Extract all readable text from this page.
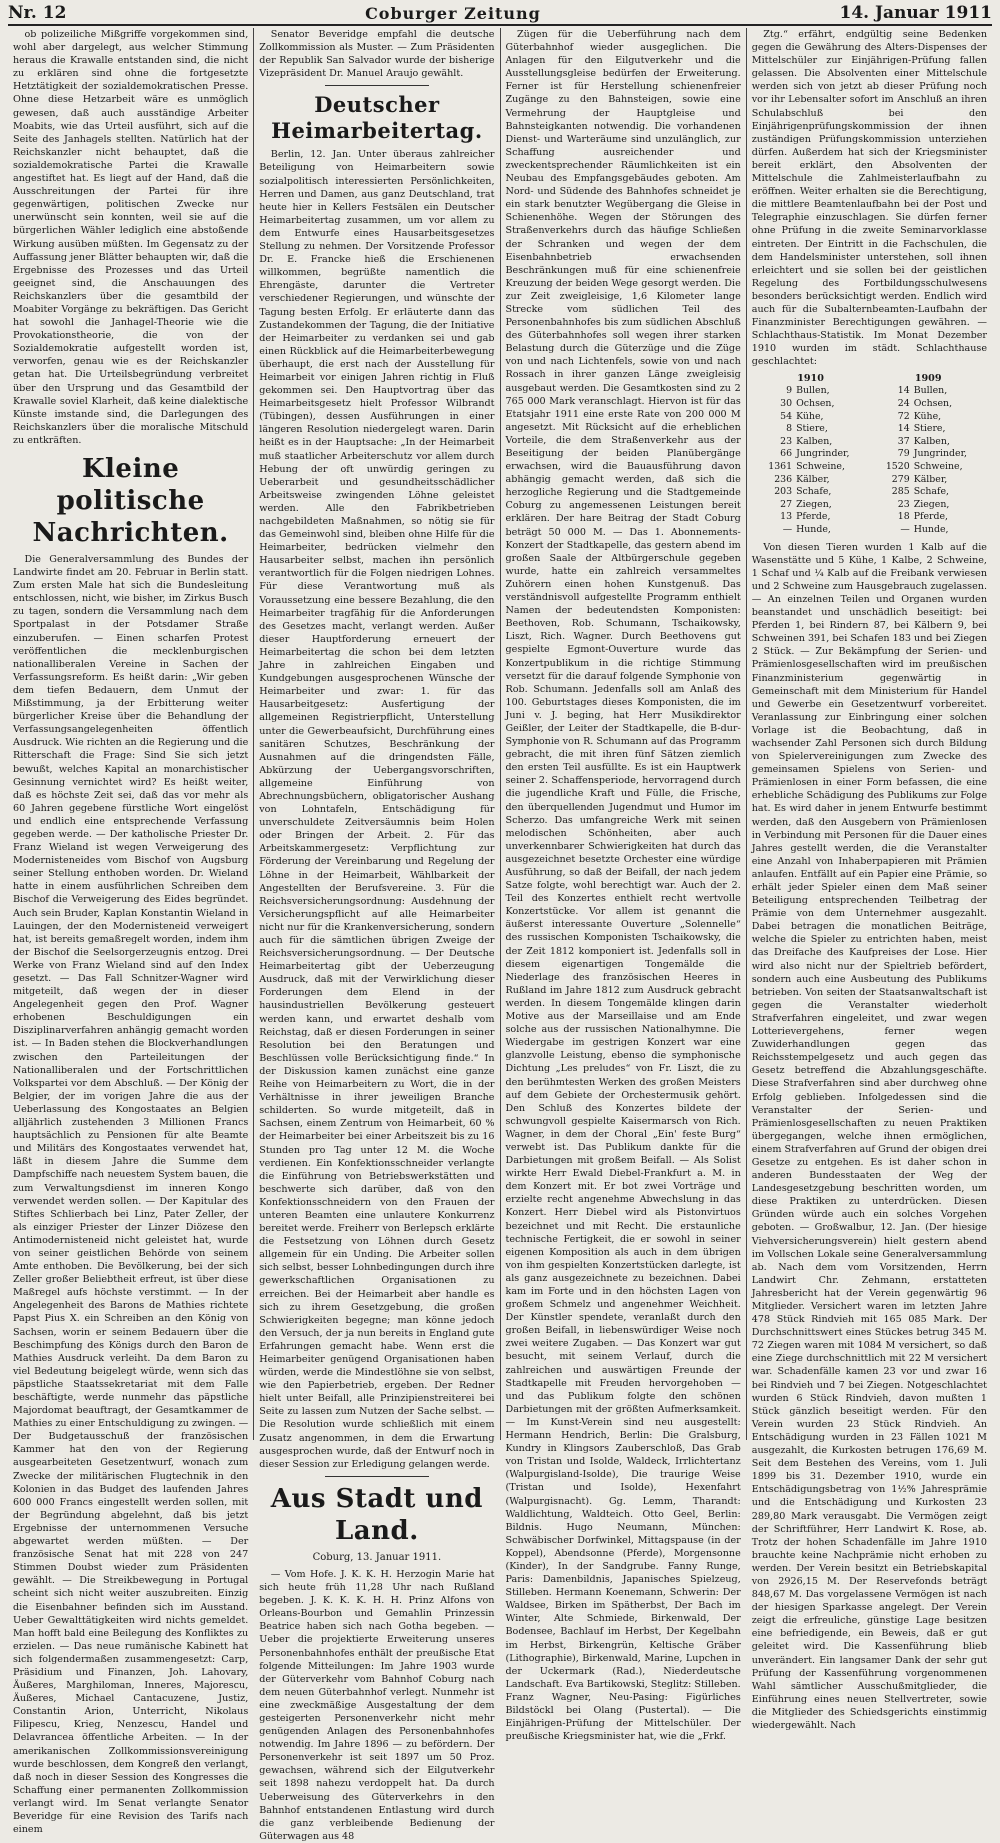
Nr. 12	Coburger Zeitung	14. Januar 1911

ob polizeiliche Mißgriffe vorgekommen sind, wohl aber dargelegt, aus welcher Stimmung heraus die Krawalle entstanden sind, die nicht zu erklären sind ohne die fortgesetzte Hetztätigkeit der sozialdemokratischen Presse. Ohne diese Hetzarbeit wäre es unmöglich gewesen, daß auch ausständige Arbeiter Moabits, wie das Urteil ausführt, sich auf die Seite des Janhagels stellten. Natürlich hat der Reichskanzler nicht behauptet, daß die sozialdemokratische Partei die Krawalle angestiftet hat. Es liegt auf der Hand, daß die Ausschreitungen der Partei für ihre gegenwärtigen, politischen Zwecke nur unerwünscht sein konnten, weil sie auf die bürgerlichen Wähler lediglich eine abstoßende Wirkung ausüben müßten. Im Gegensatz zu der Auffassung jener Blätter behaupten wir, daß die Ergebnisse des Prozesses und das Urteil geeignet sind, die Anschauungen des Reichskanzlers über die gesamtbild der Moabiter Vorgänge zu bekräftigen. Das Gericht hat sowohl die Janhagel-Theorie wie die Provokationstheorie, die von der Sozialdemokratie aufgestellt worden ist, verworfen, genau wie es der Reichskanzler getan hat. Die Urteilsbegründung verbreitet über den Ursprung und das Gesamtbild der Krawalle soviel Klarheit, daß keine dialektische Künste imstande sind, die Darlegungen des Reichskanzlers über die moralische Mitschuld zu entkräften.

Kleine politische Nachrichten.

Die Generalversammlung des Bundes der Landwirte findet am 20. Februar in Berlin statt. Zum ersten Male hat sich die Bundesleitung entschlossen, nicht, wie bisher, im Zirkus Busch zu tagen, sondern die Versammlung nach dem Sportpalast in der Potsdamer Straße einzuberufen. — Einen scharfen Protest veröffentlichen die mecklenburgischen nationalliberalen Vereine in Sachen der Verfassungsreform. Es heißt darin: „Wir geben dem tiefen Bedauern, dem Unmut der Mißstimmung, ja der Erbitterung weiter bürgerlicher Kreise über die Behandlung der Verfassungsangelegenheiten öffentlich Ausdruck. Wie richten an die Regierung und die Ritterschaft die Frage: Sind Sie sich jetzt bewußt, welches Kapital an monarchistischer Gesinnung vernichtet wird? Es heißt weiter, daß es höchste Zeit sei, daß das vor mehr als 60 Jahren gegebene fürstliche Wort eingelöst und endlich eine entsprechende Verfassung gegeben werde. — Der katholische Priester Dr. Franz Wieland ist wegen Verweigerung des Modernisteneides vom Bischof von Augsburg seiner Stellung enthoben worden. Dr. Wieland hatte in einem ausführlichen Schreiben dem Bischof die Verweigerung des Eides begründet. Auch sein Bruder, Kaplan Konstantin Wieland in Lauingen, der den Modernisteneid verweigert hat, ist bereits gemaßregelt worden, indem ihm der Bischof die Seelsorgerzeugnis entzog. Drei Werke von Franz Wieland sind auf den Index gesetzt. — Das Fall Schnitzer-Wagner wird mitgeteilt, daß wegen der in dieser Angelegenheit gegen den Prof. Wagner erhobenen Beschuldigungen ein Disziplinarverfahren anhängig gemacht worden ist. — In Baden stehen die Blockverhandlungen zwischen den Parteileitungen der Nationalliberalen und der Fortschrittlichen Volkspartei vor dem Abschluß. — Der König der Belgier, der im vorigen Jahre die aus der Ueberlassung des Kongostaates an Belgien alljährlich zustehenden 3 Millionen Francs hauptsächlich zu Pensionen für alte Beamte und Militärs des Kongostaates verwendet hat, läßt in diesem Jahre die Summe dem Dampfschiffe nach neuestem System bauen, die zum Verwaltungsdienst im inneren Kongo verwendet werden sollen. — Der Kapitular des Stiftes Schlierbach bei Linz, Pater Zeller, der als einziger Priester der Linzer Diözese den Antimodernisteneid nicht geleistet hat, wurde von seiner geistlichen Behörde von seinem Amte enthoben. Die Bevölkerung, bei der sich Zeller großer Beliebtheit erfreut, ist über diese Maßregel aufs höchste verstimmt. — In der Angelegenheit des Barons de Mathies richtete Papst Pius X. ein Schreiben an den König von Sachsen, worin er seinem Bedauern über die Beschimpfung des Königs durch den Baron de Mathies Ausdruck verleiht. Da dem Baron zu viel Bedeutung beigelegt würde, wenn sich das päpstliche Staatssekretariat mit dem Falle beschäftigte, werde nunmehr das päpstliche Majordomat beauftragt, der Gesamtkammer de Mathies zu einer Entschuldigung zu zwingen. — Der Budgetausschuß der französischen Kammer hat den von der Regierung ausgearbeiteten Gesetzentwurf, wonach zum Zwecke der militärischen Flugtechnik in den Kolonien in das Budget des laufenden Jahres 600 000 Francs eingestellt werden sollen, mit der Begründung abgelehnt, daß bis jetzt Ergebnisse der unternommenen Versuche abgewartet werden müßten. — Der französische Senat hat mit 228 von 247 Stimmen Doubst wieder zum Präsidenten gewählt. — Die Streikbewegung in Portugal scheint sich nicht weiter auszubreiten. Einzig die Eisenbahner befinden sich im Ausstand. Ueber Gewalttätigkeiten wird nichts gemeldet. Man hofft bald eine Beilegung des Konfliktes zu erzielen. — Das neue rumänische Kabinett hat sich folgendermaßen zusammengesetzt: Carp, Präsidium und Finanzen, Joh. Lahovary, Äußeres, Marghiloman, Inneres, Majorescu, Äußeres, Michael Cantacuzene, Justiz, Constantin Arion, Unterricht, Nikolaus Filipescu, Krieg, Nenzescu, Handel und Delavrancea öffentliche Arbeiten. — In der amerikanischen Zollkommissionsvereinigung wurde beschlossen, dem Kongreß den verlangt, daß noch in dieser Session des Kongresses die Schaffung einer permanenten Zollkommission verlangt wird. Im Senat verlangte Senator Beveridge für eine Revision des Tarifs nach einem

Senator Beveridge empfahl die deutsche Zollkommission als Muster. — Zum Präsidenten der Republik San Salvador wurde der bisherige Vizepräsident Dr. Manuel Araujo gewählt.

Deutscher Heimarbeitertag.

Berlin, 12. Jan. Unter überaus zahlreicher Beteiligung von Heimarbeitern sowie sozialpolitisch interessierten Persönlichkeiten, Herren und Damen, aus ganz Deutschland, trat heute hier in Kellers Festsälen ein Deutscher Heimarbeitertag zusammen, um vor allem zu dem Entwurfe eines Hausarbeitsgesetzes Stellung zu nehmen. Der Vorsitzende Professor Dr. E. Francke hieß die Erschienenen willkommen, begrüßte namentlich die Ehrengäste, darunter die Vertreter verschiedener Regierungen, und wünschte der Tagung besten Erfolg. Er erläuterte dann das Zustandekommen der Tagung, die der Initiative der Heimarbeiter zu verdanken sei und gab einen Rückblick auf die Heimarbeiterbewegung überhaupt, die erst nach der Ausstellung für Heimarbeit vor einigen Jahren richtig in Fluß gekommen sei. Den Hauptvortrag über das Heimarbeitsgesetz hielt Professor Wilbrandt (Tübingen), dessen Ausführungen in einer längeren Resolution niedergelegt waren. Darin heißt es in der Hauptsache: „In der Heimarbeit muß staatlicher Arbeiterschutz vor allem durch Hebung der oft unwürdig geringen zu Ueberarbeit und gesundheitsschädlicher Arbeitsweise zwingenden Löhne geleistet werden. Alle den Fabrikbetrieben nachgebildeten Maßnahmen, so nötig sie für das Gemeinwohl sind, bleiben ohne Hilfe für die Heimarbeiter, bedrücken vielmehr den Hausarbeiter selbst, machen ihn persönlich verantwortlich für die Folgen niedrigen Lohnes. Für diese Verantwortung muß als Voraussetzung eine bessere Bezahlung, die den Heimarbeiter tragfähig für die Anforderungen des Gesetzes macht, verlangt werden. Außer dieser Hauptforderung erneuert der Heimarbeitertag die schon bei dem letzten Jahre in zahlreichen Eingaben und Kundgebungen ausgesprochenen Wünsche der Heimarbeiter und zwar: 1. für das Hausarbeitgesetz: Ausfertigung der allgemeinen Registrierpflicht, Unterstellung unter die Gewerbeaufsicht, Durchführung eines sanitären Schutzes, Beschränkung der Ausnahmen auf die dringendsten Fälle, Abkürzung der Uebergangsvorschriften, allgemeine Einführung von Abrechnungsbüchern, obligatorischer Aushang von Lohntafeln, Entschädigung für unverschuldete Zeitversäumnis beim Holen oder Bringen der Arbeit. 2. Für das Arbeitskammergesetz: Verpflichtung zur Förderung der Vereinbarung und Regelung der Löhne in der Heimarbeit, Wählbarkeit der Angestellten der Berufsvereine. 3. Für die Reichsversicherungsordnung: Ausdehnung der Versicherungspflicht auf alle Heimarbeiter nicht nur für die Krankenversicherung, sondern auch für die sämtlichen übrigen Zweige der Reichsversicherungsordnung. — Der Deutsche Heimarbeitertag gibt der Ueberzeugung Ausdruck, daß mit der Verwirklichung dieser Forderungen dem Elend in der hausindustriellen Bevölkerung gesteuert werden kann, und erwartet deshalb vom Reichstag, daß er diesen Forderungen in seiner Resolution bei den Beratungen und Beschlüssen volle Berücksichtigung finde.“ In der Diskussion kamen zunächst eine ganze Reihe von Heimarbeitern zu Wort, die in der Verhältnisse in ihrer jeweiligen Branche schilderten. So wurde mitgeteilt, daß in Sachsen, einem Zentrum von Heimarbeit, 60 % der Heimarbeiter bei einer Arbeitszeit bis zu 16 Stunden pro Tag unter 12 M. die Woche verdienen. Ein Konfektionsschneider verlangte die Einführung von Betriebswerkstätten und beschwerte sich darüber, daß von den Konfektionsschneidern von den Frauen der unteren Beamten eine unlautere Konkurrenz bereitet werde. Freiherr von Berlepsch erklärte die Festsetzung von Löhnen durch Gesetz allgemein für ein Unding. Die Arbeiter sollen sich selbst, besser Lohnbedingungen durch ihre gewerkschaftlichen Organisationen zu erreichen. Bei der Heimarbeit aber handle es sich zu ihrem Gesetzgebung, die großen Schwierigkeiten begegne; man könne jedoch den Versuch, der ja nun bereits in England gute Erfahrungen gemacht habe. Wenn erst die Heimarbeiter genügend Organisationen haben würden, werde die Mindestlöhne sie von selbst, wie den Papierbetrieb, ergeben. Der Redner hielt unter Beifall, alle Prinzipienstreiterei bei Seite zu lassen zum Nutzen der Sache selbst. — Die Resolution wurde schließlich mit einem Zusatz angenommen, in dem die Erwartung ausgesprochen wurde, daß der Entwurf noch in dieser Session zur Erledigung gelangen werde.

Aus Stadt und Land.
Coburg, 13. Januar 1911.

— Vom Hofe. J. K. K. H. Herzogin Marie hat sich heute früh 11,28 Uhr nach Rußland begeben. J. K. K. K. H. H. Prinz Alfons von Orleans-Bourbon und Gemahlin Prinzessin Beatrice haben sich nach Gotha begeben. — Ueber die projektierte Erweiterung unseres Personenbahnhofes enthält der preußische Etat folgende Mitteilungen: Im Jahre 1903 wurde der Güterverkehr vom Bahnhof Coburg nach dem neuen Güterbahnhof verlegt. Nunmehr ist eine zweckmäßige Ausgestaltung der dem gesteigerten Personenverkehr nicht mehr genügenden Anlagen des Personenbahnhofes notwendig. Im Jahre 1896 — zu befördern. Der Personenverkehr ist seit 1897 um 50 Proz. gewachsen, während sich der Eilgutverkehr seit 1898 nahezu verdoppelt hat. Da durch Ueberweisung des Güterverkehrs in den Bahnhof entstandenen Entlastung wird durch die ganz verbleibende Bedienung der Güterwagen aus 48

Zügen für die Ueberführung nach dem Güterbahnhof wieder ausgeglichen. Die Anlagen für den Eilgutverkehr und die Ausstellungsgleise bedürfen der Erweiterung. Ferner ist für Herstellung schienenfreier Zugänge zu den Bahnsteigen, sowie eine Vermehrung der Hauptgleise und Bahnsteigkanten notwendig. Die vorhandenen Dienst- und Warteräume sind unzulänglich, zur Schaffung ausreichender und zweckentsprechender Räumlichkeiten ist ein Neubau des Empfangsgebäudes geboten. Am Nord- und Südende des Bahnhofes schneidet je ein stark benutzter Wegübergang die Gleise in Schienenhöhe. Wegen der Störungen des Straßenverkehrs durch das häufige Schließen der Schranken und wegen der dem Eisenbahnbetrieb erwachsenden Beschränkungen muß für eine schienenfreie Kreuzung der beiden Wege gesorgt werden. Die zur Zeit zweigleisige, 1,6 Kilometer lange Strecke vom südlichen Teil des Personenbahnhofes bis zum südlichen Abschluß des Güterbahnhofes soll wegen ihrer starken Belastung durch die Güterzüge und die Züge von und nach Lichtenfels, sowie von und nach Rossach in ihrer ganzen Länge zweigleisig ausgebaut werden. Die Gesamtkosten sind zu 2 765 000 Mark veranschlagt. Hiervon ist für das Etatsjahr 1911 eine erste Rate von 200 000 M angesetzt. Mit Rücksicht auf die erheblichen Vorteile, die dem Straßenverkehr aus der Beseitigung der beiden Planübergänge erwachsen, wird die Bauausführung davon abhängig gemacht werden, daß sich die herzogliche Regierung und die Stadtgemeinde Coburg zu angemessenen Leistungen bereit erklären. Der hare Beitrag der Stadt Coburg beträgt 50 000 M. — Das 1. Abonnements-Konzert der Stadtkapelle, das gestern abend im großen Saale der Altbürgerschule gegeben wurde, hatte ein zahlreich versammeltes Zuhörern einen hohen Kunstgenuß. Das verständnisvoll aufgestellte Programm enthielt Namen der bedeutendsten Komponisten: Beethoven, Rob. Schumann, Tschaikowsky, Liszt, Rich. Wagner. Durch Beethovens gut gespielte Egmont-Ouverture wurde das Konzertpublikum in die richtige Stimmung versetzt für die darauf folgende Symphonie von Rob. Schumann. Jedenfalls soll am Anlaß des 100. Geburtstages dieses Komponisten, die im Juni v. J. beging, hat Herr Musikdirektor Geißler, der Leiter der Stadtkapelle, die B-dur-Symphonie von R. Schumann auf das Programm gebracht, die mit ihren fünf Sätzen ziemlich den ersten Teil ausfüllte. Es ist ein Hauptwerk seiner 2. Schaffensperiode, hervorragend durch die jugendliche Kraft und Fülle, die Frische, den überquellenden Jugendmut und Humor im Scherzo. Das umfangreiche Werk mit seinen melodischen Schönheiten, aber auch unverkennbarer Schwierigkeiten hat durch das ausgezeichnet besetzte Orchester eine würdige Ausführung, so daß der Beifall, der nach jedem Satze folgte, wohl berechtigt war. Auch der 2. Teil des Konzertes enthielt recht wertvolle Konzertstücke. Vor allem ist genannt die äußerst interessante Ouverture „Solennelle“ des russischen Komponisten Tschaikowsky, die der Zeit 1812 komponiert ist. Jedenfalls soll in diesem eigenartigen Tongemälde die Niederlage des französischen Heeres in Rußland im Jahre 1812 zum Ausdruck gebracht werden. In diesem Tongemälde klingen darin Motive aus der Marseillaise und am Ende solche aus der russischen Nationalhymne. Die Wiedergabe im gestrigen Konzert war eine glanzvolle Leistung, ebenso die symphonische Dichtung „Les preludes“ von Fr. Liszt, die zu den berühmtesten Werken des großen Meisters auf dem Gebiete der Orchestermusik gehört. Den Schluß des Konzertes bildete der schwungvoll gespielte Kaisermarsch von Rich. Wagner, in dem der Choral „Ein' feste Burg“ verwebt ist. Das Publikum dankte für die Darbietungen mit großem Beifall. — Als Solist wirkte Herr Ewald Diebel-Frankfurt a. M. in dem Konzert mit. Er bot zwei Vorträge und erzielte recht angenehme Abwechslung in das Konzert. Herr Diebel wird als Pistonvirtuos bezeichnet und mit Recht. Die erstaunliche technische Fertigkeit, die er sowohl in seiner eigenen Komposition als auch in dem übrigen von ihm gespielten Konzertstücken darlegte, ist als ganz ausgezeichnete zu bezeichnen. Dabei kam im Forte und in den höchsten Lagen von großem Schmelz und angenehmer Weichheit. Der Künstler spendete, veranlaßt durch den großen Beifall, in liebenswürdiger Weise noch zwei weitere Zugaben. — Das Konzert war gut besucht, mit seinem Verlauf, durch die zahlreichen und auswärtigen Freunde der Stadtkapelle mit Freuden hervorgehoben — und das Publikum folgte den schönen Darbietungen mit der größten Aufmerksamkeit. — Im Kunst-Verein sind neu ausgestellt: Hermann Hendrich, Berlin: Die Gralsburg, Kundry in Klingsors Zauberschloß, Das Grab von Tristan und Isolde, Waldeck, Irrlichtertanz (Walpurgisland-Isolde), Die traurige Weise (Tristan und Isolde), Hexenfahrt (Walpurgisnacht). Gg. Lemm, Tharandt: Waldlichtung, Waldteich. Otto Geel, Berlin: Bildnis. Hugo Neumann, München: Schwäbischer Dorfwinkel, Mittagspause (in der Koppel), Abendsonne (Pferde), Morgensonne (Kinder), In der Sandgrube. Fanny Runge, Paris: Damenbildnis, Japanisches Spielzeug, Stilleben. Hermann Koenemann, Schwerin: Der Waldsee, Birken im Spätherbst, Der Bach im Winter, Alte Schmiede, Birkenwald, Der Bodensee, Bachlauf im Herbst, Der Kegelbahn im Herbst, Birkengrün, Keltische Gräber (Lithographie), Birkenwald, Marine, Lupchen in der Uckermark (Rad.), Niederdeutsche Landschaft. Eva Bartikowski, Steglitz: Stilleben. Franz Wagner, Neu-Pasing: Figürliches Bildstöckl bei Olang (Pustertal). — Die Einjährigen-Prüfung der Mittelschüler. Der preußische Kriegsminister hat, wie die „Frkf.

Ztg.“ erfährt, endgültig seine Bedenken gegen die Gewährung des Alters-Dispenses der Mittelschüler zur Einjährigen-Prüfung fallen gelassen. Die Absolventen einer Mittelschule werden sich von jetzt ab dieser Prüfung noch vor ihr Lebensalter sofort im Anschluß an ihren Schulabschluß bei den Einjährigenprüfungskommission der ihnen zuständigen Prüfungskommission unterziehen dürfen. Außerdem hat sich der Kriegsminister bereit erklärt, den Absolventen der Mittelschule die Zahlmeisterlaufbahn zu eröffnen. Weiter erhalten sie die Berechtigung, die mittlere Beamtenlaufbahn bei der Post und Telegraphie einzuschlagen. Sie dürfen ferner ohne Prüfung in die zweite Seminarvorklasse eintreten. Der Eintritt in die Fachschulen, die dem Handelsminister unterstehen, soll ihnen erleichtert und sie sollen bei der geistlichen Regelung des Fortbildungsschulwesens besonders berücksichtigt werden. Endlich wird auch für die Subalternbeamten-Laufbahn der Finanzminister Berechtigungen gewähren. — Schlachthaus-Statistik. Im Monat Dezember 1910 wurden im städt. Schlachthause geschlachtet:

1910	1909
9	Bullen,	14	Bullen,
30	Ochsen,	24	Ochsen,
54	Kühe,	72	Kühe,
8	Stiere,	14	Stiere,
23	Kalben,	37	Kalben,
66	Jungrinder,	79	Jungrinder,
1361	Schweine,	1520	Schweine,
236	Kälber,	279	Kälber,
203	Schafe,	285	Schafe,
27	Ziegen,	23	Ziegen,
13	Pferde,	18	Pferde,
—	Hunde,	—	Hunde,

Von diesen Tieren wurden 1 Kalb auf die Wasenstätte und 5 Kühe, 1 Kalbe, 2 Schweine, 1 Schaf und ¼ Kalb auf die Freibank verwiesen und 2 Schweine zum Hausgebrauch zugelassen. — An einzelnen Teilen und Organen wurden beanstandet und unschädlich beseitigt: bei Pferden 1, bei Rindern 87, bei Kälbern 9, bei Schweinen 391, bei Schafen 183 und bei Ziegen 2 Stück. — Zur Bekämpfung der Serien- und Prämienlosgesellschaften wird im preußischen Finanzministerium gegenwärtig in Gemeinschaft mit dem Ministerium für Handel und Gewerbe ein Gesetzentwurf vorbereitet. Veranlassung zur Einbringung einer solchen Vorlage ist die Beobachtung, daß in wachsender Zahl Personen sich durch Bildung von Spielervereinigungen zum Zwecke des gemeinsamen Spielens von Serien- und Prämienlosen in einer Form befassen, die eine erhebliche Schädigung des Publikums zur Folge hat. Es wird daher in jenem Entwurfe bestimmt werden, daß den Ausgebern von Prämienlosen in Verbindung mit Personen für die Dauer eines Jahres gestellt werden, die die Veranstalter eine Anzahl von Inhaberpapieren mit Prämien anlaufen. Entfällt auf ein Papier eine Prämie, so erhält jeder Spieler einen dem Maß seiner Beteiligung entsprechenden Teilbetrag der Prämie von dem Unternehmer ausgezahlt. Dabei betragen die monatlichen Beiträge, welche die Spieler zu entrichten haben, meist das Dreifache des Kaufpreises der Lose. Hier wird also nicht nur der Spieltrieb befördert, sondern auch eine Ausbeutung des Publikums betrieben. Von seiten der Staatsanwaltschaft ist gegen die Veranstalter wiederholt Strafverfahren eingeleitet, und zwar wegen Lotterievergehens, ferner wegen Zuwiderhandlungen gegen das Reichsstempelgesetz und auch gegen das Gesetz betreffend die Abzahlungsgeschäfte. Diese Strafverfahren sind aber durchweg ohne Erfolg geblieben. Infolgedessen sind die Veranstalter der Serien- und Prämienlosgesellschaften zu neuen Praktiken übergegangen, welche ihnen ermöglichen, einem Strafverfahren auf Grund der obigen drei Gesetze zu entgehen. Es ist daher schon in anderen Bundesstaaten der Weg der Landesgesetzgebung beschritten worden, um diese Praktiken zu unterdrücken. Diesen Gründen würde auch ein solches Vorgehen geboten. — Großwalbur, 12. Jan. (Der hiesige Viehversicherungsverein) hielt gestern abend im Vollschen Lokale seine Generalversammlung ab. Nach dem vom Vorsitzenden, Herrn Landwirt Chr. Zehmann, erstatteten Jahresbericht hat der Verein gegenwärtig 96 Mitglieder. Versichert waren im letzten Jahre 478 Stück Rindvieh mit 165 085 Mark. Der Durchschnittswert eines Stückes betrug 345 M. 72 Ziegen waren mit 1084 M versichert, so daß eine Ziege durchschnittlich mit 22 M versichert war. Schadenfälle kamen 23 vor und zwar 16 bei Rindvieh und 7 bei Ziegen. Notgeschlachtet wurden 6 Stück Rindvieh, davon mußten 1 Stück gänzlich beseitigt werden. Für den Verein wurden 23 Stück Rindvieh. An Entschädigung wurden in 23 Fällen 1021 M ausgezahlt, die Kurkosten betrugen 176,69 M. Seit dem Bestehen des Vereins, vom 1. Juli 1899 bis 31. Dezember 1910, wurde ein Entschädigungsbetrag von 1½% Jahresprämie und die Entschädigung und Kurkosten 23 289,80 Mark verausgabt. Die Vermögen zeigt der Schriftführer, Herr Landwirt K. Rose, ab. Trotz der hohen Schadenfälle im Jahre 1910 brauchte keine Nachprämie nicht erhoben zu werden. Der Verein besitzt ein Betriebskapital von 2926,15 M. Der Reservefonds beträgt 848,67 M. Das vorgelassene Vermögen ist nach der hiesigen Sparkasse angelegt. Der Verein zeigt die erfreuliche, günstige Lage besitzen eine befriedigende, ein Beweis, daß er gut geleitet wird. Die Kassenführung blieb unverändert. Ein langsamer Dank der sehr gut Prüfung der Kassenführung vorgenommenen Wahl sämtlicher Ausschußmitglieder, die Einführung eines neuen Stellvertreter, sowie die Mitglieder des Schiedsgerichts einstimmig wiedergewählt. Nach
